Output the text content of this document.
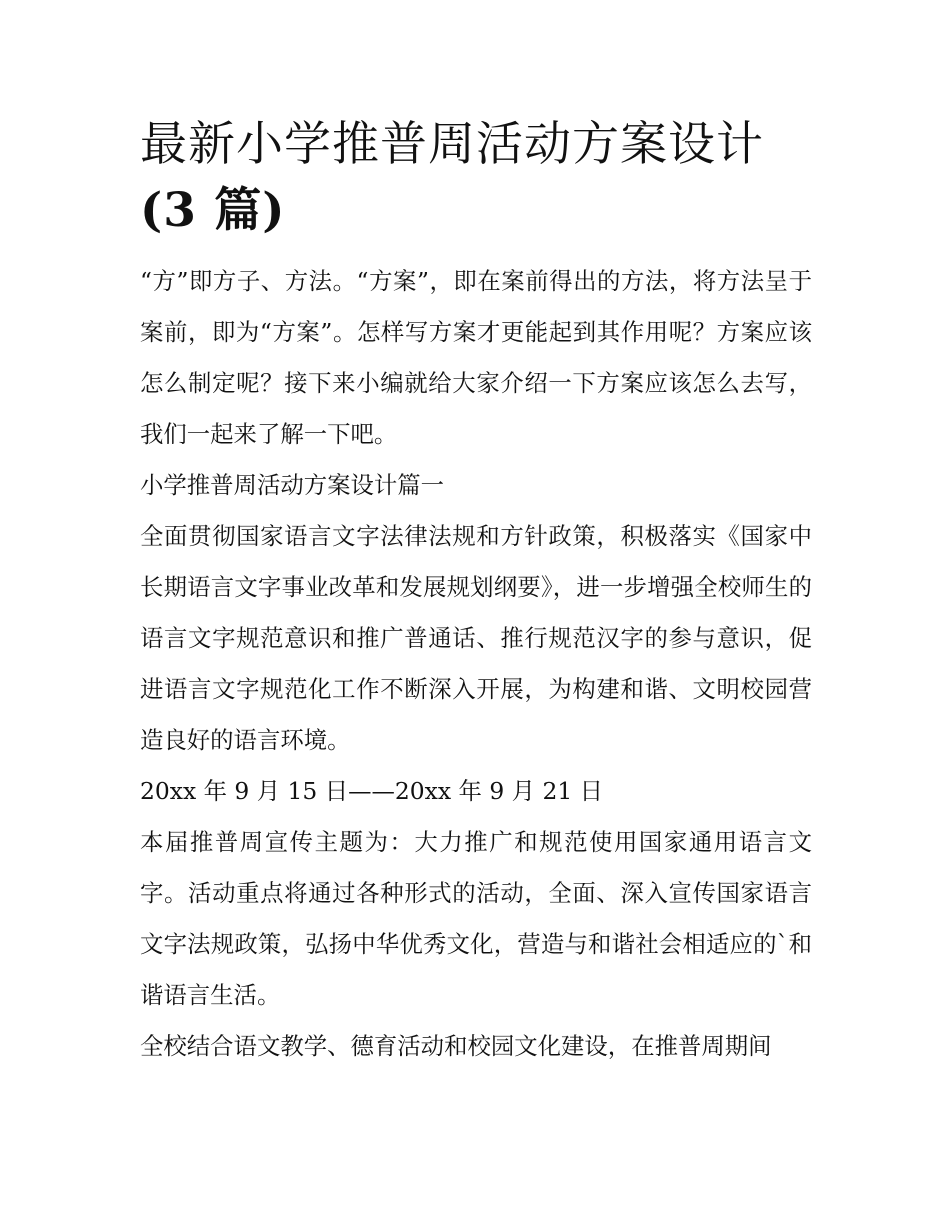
最新小学推普周活动方案设计
(3 篇)

“方”即方子、方法。“方案”，即在案前得出的方法，将方法呈于案前，即为“方案”。怎样写方案才更能起到其作用呢？方案应该怎么制定呢？接下来小编就给大家介绍一下方案应该怎么去写，我们一起来了解一下吧。

小学推普周活动方案设计篇一

全面贯彻国家语言文字法律法规和方针政策，积极落实《国家中长期语言文字事业改革和发展规划纲要》，进一步增强全校师生的语言文字规范意识和推广普通话、推行规范汉字的参与意识，促进语言文字规范化工作不断深入开展，为构建和谐、文明校园营造良好的语言环境。

20xx 年 9 月 15 日——20xx 年 9 月 21 日

本届推普周宣传主题为：大力推广和规范使用国家通用语言文字。活动重点将通过各种形式的活动，全面、深入宣传国家语言文字法规政策，弘扬中华优秀文化，营造与和谐社会相适应的`和谐语言生活。

全校结合语文教学、德育活动和校园文化建设，在推普周期间
